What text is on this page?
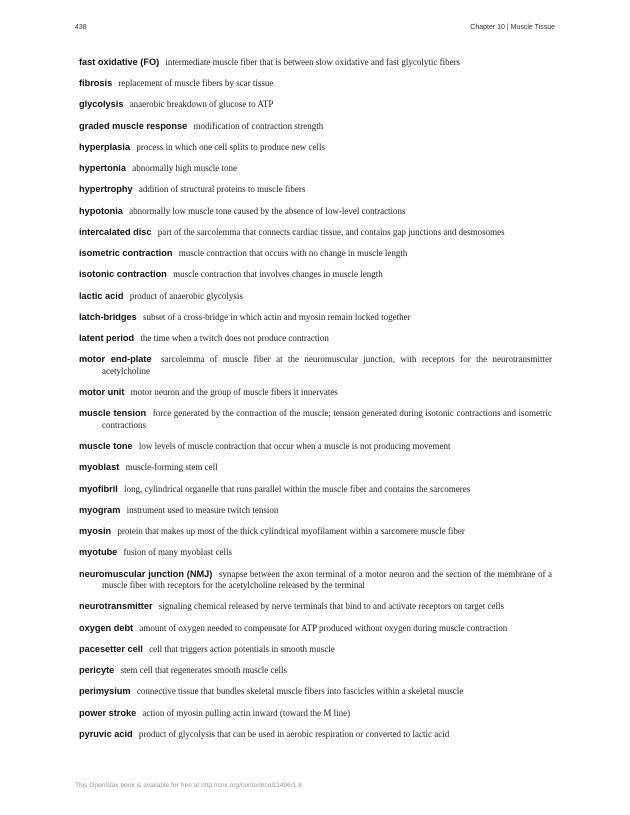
438	Chapter 10 | Muscle Tissue
fast oxidative (FO) intermediate muscle fiber that is between slow oxidative and fast glycolytic fibers
fibrosis replacement of muscle fibers by scar tissue
glycolysis anaerobic breakdown of glucose to ATP
graded muscle response modification of contraction strength
hyperplasia process in which one cell splits to produce new cells
hypertonia abnormally high muscle tone
hypertrophy addition of structural proteins to muscle fibers
hypotonia abnormally low muscle tone caused by the absence of low-level contractions
intercalated disc part of the sarcolemma that connects cardiac tissue, and contains gap junctions and desmosomes
isometric contraction muscle contraction that occurs with no change in muscle length
isotonic contraction muscle contraction that involves changes in muscle length
lactic acid product of anaerobic glycolysis
latch-bridges subset of a cross-bridge in which actin and myosin remain locked together
latent period the time when a twitch does not produce contraction
motor end-plate sarcolemma of muscle fiber at the neuromuscular junction, with receptors for the neurotransmitter acetylcholine
motor unit motor neuron and the group of muscle fibers it innervates
muscle tension force generated by the contraction of the muscle; tension generated during isotonic contractions and isometric contractions
muscle tone low levels of muscle contraction that occur when a muscle is not producing movement
myoblast muscle-forming stem cell
myofibril long, cylindrical organelle that runs parallel within the muscle fiber and contains the sarcomeres
myogram instrument used to measure twitch tension
myosin protein that makes up most of the thick cylindrical myofilament within a sarcomere muscle fiber
myotube fusion of many myoblast cells
neuromuscular junction (NMJ) synapse between the axon terminal of a motor neuron and the section of the membrane of a muscle fiber with receptors for the acetylcholine released by the terminal
neurotransmitter signaling chemical released by nerve terminals that bind to and activate receptors on target cells
oxygen debt amount of oxygen needed to compensate for ATP produced without oxygen during muscle contraction
pacesetter cell cell that triggers action potentials in smooth muscle
pericyte stem cell that regenerates smooth muscle cells
perimysium connective tissue that bundles skeletal muscle fibers into fascicles within a skeletal muscle
power stroke action of myosin pulling actin inward (toward the M line)
pyruvic acid product of glycolysis that can be used in aerobic respiration or converted to lactic acid
This OpenStax book is available for free at http://cnx.org/content/col11496/1.8
